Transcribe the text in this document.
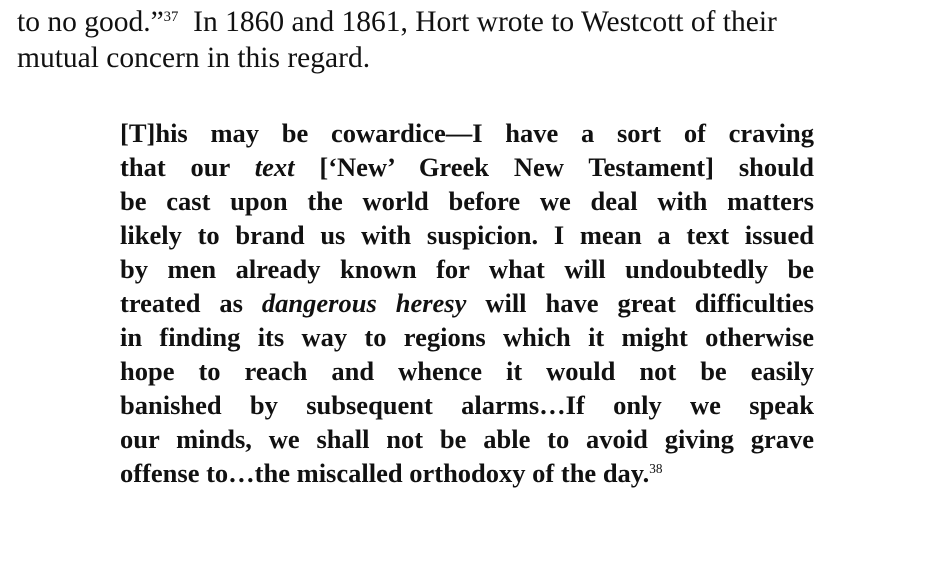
to no good.”$^{37}$  In 1860 and 1861, Hort wrote to Westcott of their
mutual concern in this regard.
[T]his may be cowardice—I have a sort of craving
that our text [‘New’ Greek New Testament] should
be cast upon the world before we deal with matters
likely to brand us with suspicion. I mean a text issued
by men already known for what will undoubtedly be
treated as dangerous heresy will have great difficulties
in finding its way to regions which it might otherwise
hope to reach and whence it would not be easily
banished by subsequent alarms…If only we speak
our minds, we shall not be able to avoid giving grave
offense to…the miscalled orthodoxy of the day.$^{38}$
